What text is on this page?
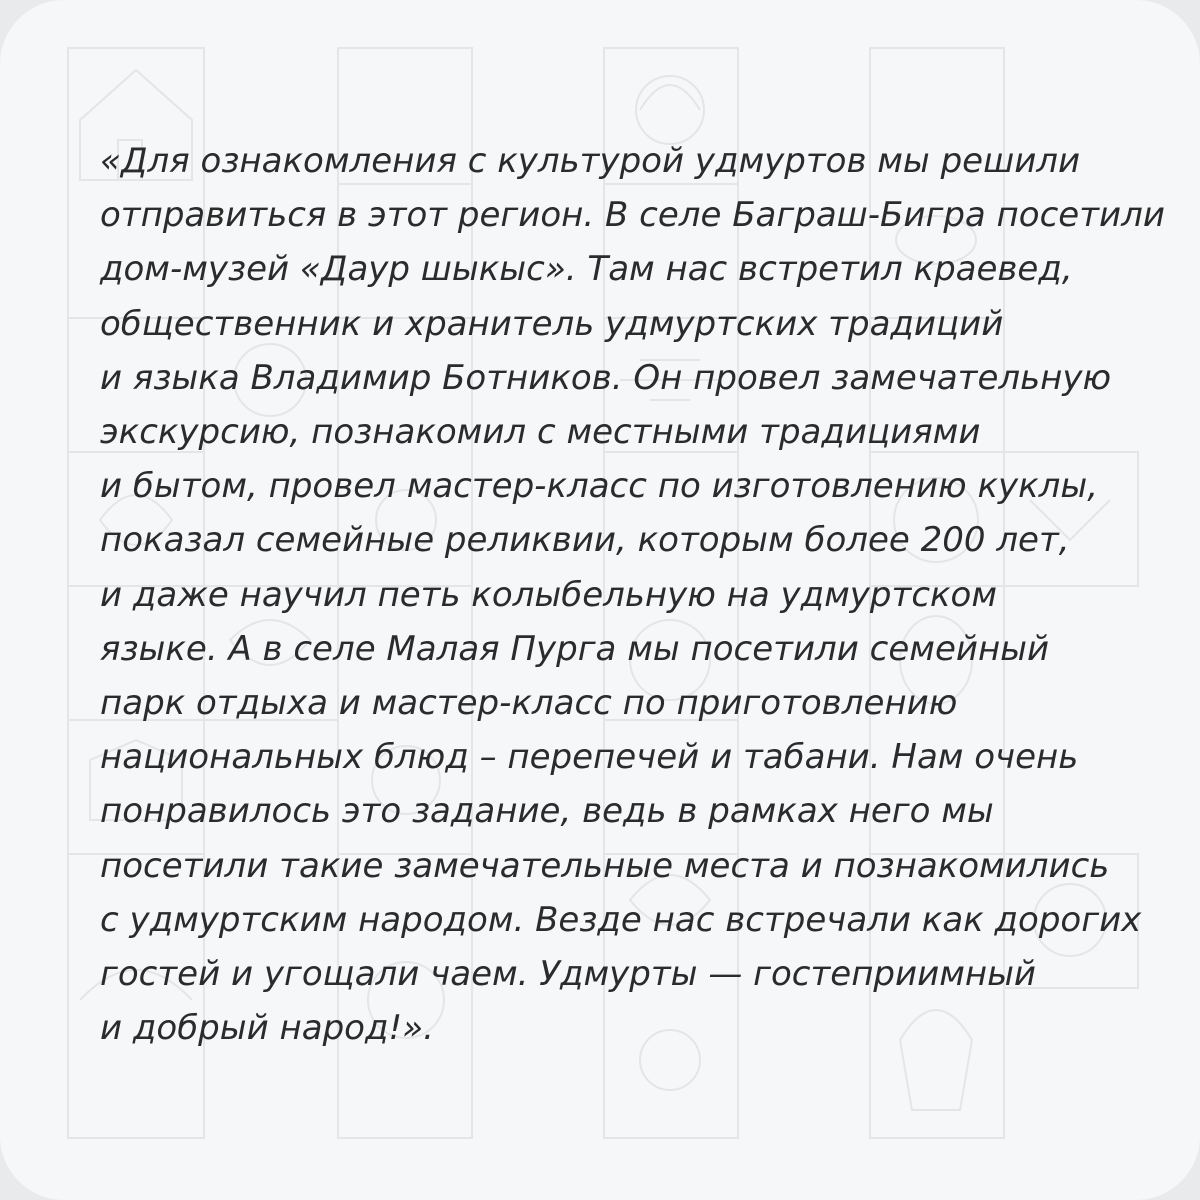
«Для ознакомления с культурой удмуртов мы решили
отправиться в этот регион. В селе Баграш-Бигра посетили
дом-музей «Даур шыкыс». Там нас встретил краевед,
общественник и хранитель удмуртских традиций
и языка Владимир Ботников. Он провел замечательную
экскурсию, познакомил с местными традициями
и бытом, провел мастер-класс по изготовлению куклы,
показал семейные реликвии, которым более 200 лет,
и даже научил петь колыбельную на удмуртском
языке. А в селе Малая Пурга мы посетили семейный
парк отдыха и мастер-класс по приготовлению
национальных блюд – перепечей и табани. Нам очень
понравилось это задание, ведь в рамках него мы
посетили такие замечательные места и познакомились
с удмуртским народом. Везде нас встречали как дорогих
гостей и угощали чаем. Удмурты — гостеприимный
и добрый народ!».
